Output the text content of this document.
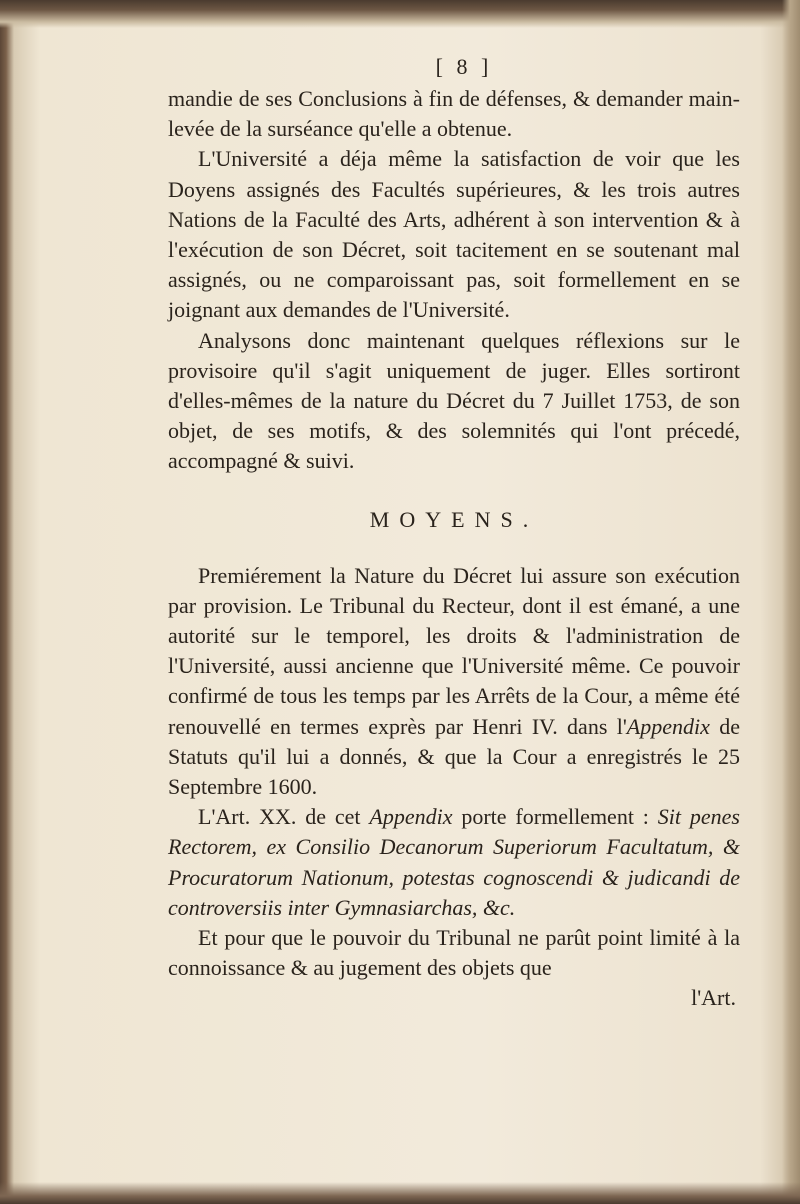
[ 8 ]

mandie de ses Conclusions à fin de défenses, & demander main-levée de la surséance qu'elle a obtenue.

L'Université a déja même la satisfaction de voir que les Doyens assignés des Facultés supérieures, & les trois autres Nations de la Faculté des Arts, adhérent à son intervention & à l'exécution de son Décret, soit tacitement en se soutenant mal assignés, ou ne comparoissant pas, soit formellement en se joignant aux demandes de l'Université.

Analysons donc maintenant quelques réflexions sur le provisoire qu'il s'agit uniquement de juger. Elles sortiront d'elles-mêmes de la nature du Décret du 7 Juillet 1753, de son objet, de ses motifs, & des solemnités qui l'ont précedé, accompagné & suivi.

MOYENS.

Premiérement la Nature du Décret lui assure son exécution par provision. Le Tribunal du Recteur, dont il est émané, a une autorité sur le temporel, les droits & l'administration de l'Université, aussi ancienne que l'Université même. Ce pouvoir confirmé de tous les temps par les Arrêts de la Cour, a même été renouvellé en termes exprès par Henri IV. dans l'Appendix de Statuts qu'il lui a donnés, & que la Cour a enregistrés le 25 Septembre 1600.

L'Art. XX. de cet Appendix porte formellement : Sit penes Rectorem, ex Consilio Decanorum Superiorum Facultatum, & Procuratorum Nationum, potestas cognoscendi & judicandi de controversiis inter Gymnasiarchas, &c.

Et pour que le pouvoir du Tribunal ne parût point limité à la connoissance & au jugement des objets que

l'Art.
